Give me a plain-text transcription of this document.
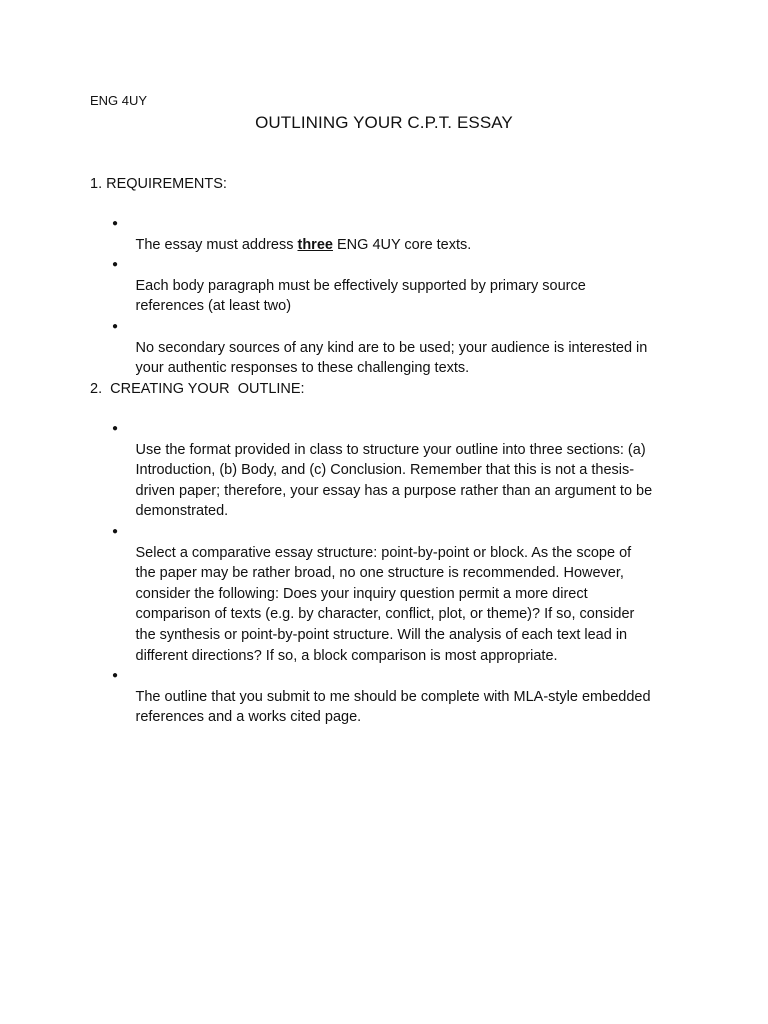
ENG 4UY
OUTLINING YOUR C.P.T. ESSAY
1. REQUIREMENTS:

●
The essay must address three ENG 4UY core texts.

●
Each body paragraph must be effectively supported by primary source
references (at least two)

●
No secondary sources of any kind are to be used; your audience is interested in
your authentic responses to these challenging texts.

2.  CREATING YOUR  OUTLINE:

●
Use the format provided in class to structure your outline into three sections: (a)
Introduction, (b) Body, and (c) Conclusion. Remember that this is not a thesis-
driven paper; therefore, your essay has a purpose rather than an argument to be
demonstrated.

●
Select a comparative essay structure: point-by-point or block. As the scope of
the paper may be rather broad, no one structure is recommended. However,
consider the following: Does your inquiry question permit a more direct
comparison of texts (e.g. by character, conflict, plot, or theme)? If so, consider
the synthesis or point-by-point structure. Will the analysis of each text lead in
different directions? If so, a block comparison is most appropriate.

●
The outline that you submit to me should be complete with MLA-style embedded
references and a works cited page.
